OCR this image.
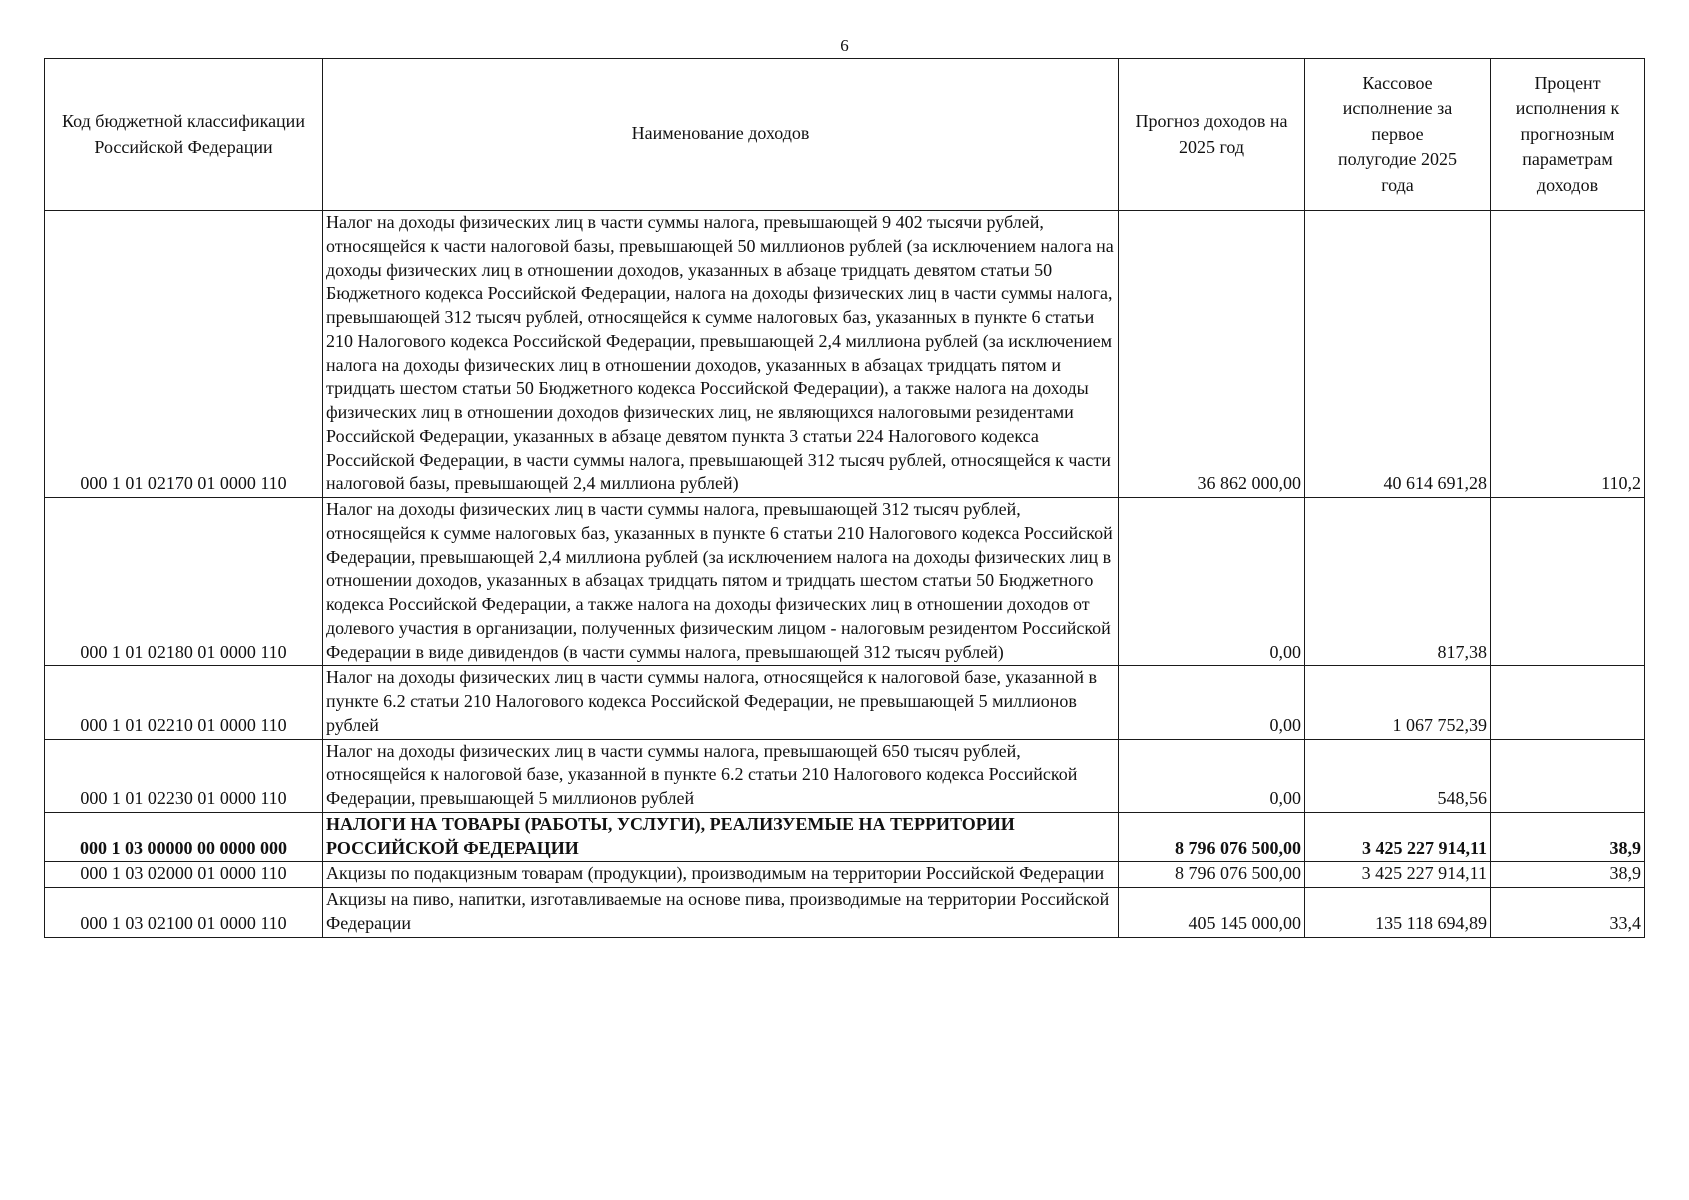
6
Код бюджетной классификации Российской Федерации	Наименование доходов	Прогноз доходов на 2025 год	Кассовое исполнение за первое полугодие 2025 года	Процент исполнения к прогнозным параметрам доходов
000 1 01 02170 01 0000 110	Налог на доходы физических лиц в части суммы налога, превышающей 9 402 тысячи рублей, относящейся к части налоговой базы, превышающей 50 миллионов рублей (за исключением налога на доходы физических лиц в отношении доходов, указанных в абзаце тридцать девятом статьи 50 Бюджетного кодекса Российской Федерации, налога на доходы физических лиц в части суммы налога, превышающей 312 тысяч рублей, относящейся к сумме налоговых баз, указанных в пункте 6 статьи 210 Налогового кодекса Российской Федерации, превышающей 2,4 миллиона рублей (за исключением налога на доходы физических лиц в отношении доходов, указанных в абзацах тридцать пятом и тридцать шестом статьи 50 Бюджетного кодекса Российской Федерации), а также налога на доходы физических лиц в отношении доходов физических лиц, не являющихся налоговыми резидентами Российской Федерации, указанных в абзаце девятом пункта 3 статьи 224 Налогового кодекса Российской Федерации, в части суммы налога, превышающей 312 тысяч рублей, относящейся к части налоговой базы, превышающей 2,4 миллиона рублей)	36 862 000,00	40 614 691,28	110,2
000 1 01 02180 01 0000 110	Налог на доходы физических лиц в части суммы налога, превышающей 312 тысяч рублей, относящейся к сумме налоговых баз, указанных в пункте 6 статьи 210 Налогового кодекса Российской Федерации, превышающей 2,4 миллиона рублей (за исключением налога на доходы физических лиц в отношении доходов, указанных в абзацах тридцать пятом и тридцать шестом статьи 50 Бюджетного кодекса Российской Федерации, а также налога на доходы физических лиц в отношении доходов от долевого участия в организации, полученных физическим лицом - налоговым резидентом Российской Федерации в виде дивидендов (в части суммы налога, превышающей 312 тысяч рублей)	0,00	817,38	
000 1 01 02210 01 0000 110	Налог на доходы физических лиц в части суммы налога, относящейся к налоговой базе, указанной в пункте 6.2 статьи 210 Налогового кодекса Российской Федерации, не превышающей 5 миллионов рублей	0,00	1 067 752,39	
000 1 01 02230 01 0000 110	Налог на доходы физических лиц в части суммы налога, превышающей 650 тысяч рублей, относящейся к налоговой базе, указанной в пункте 6.2 статьи 210 Налогового кодекса Российской Федерации, превышающей 5 миллионов рублей	0,00	548,56	
000 1 03 00000 00 0000 000	НАЛОГИ НА ТОВАРЫ (РАБОТЫ, УСЛУГИ), РЕАЛИЗУЕМЫЕ НА ТЕРРИТОРИИ РОССИЙСКОЙ ФЕДЕРАЦИИ	8 796 076 500,00	3 425 227 914,11	38,9
000 1 03 02000 01 0000 110	Акцизы по подакцизным товарам (продукции), производимым на территории Российской Федерации	8 796 076 500,00	3 425 227 914,11	38,9
000 1 03 02100 01 0000 110	Акцизы на пиво, напитки, изготавливаемые на основе пива, производимые на территории Российской Федерации	405 145 000,00	135 118 694,89	33,4
